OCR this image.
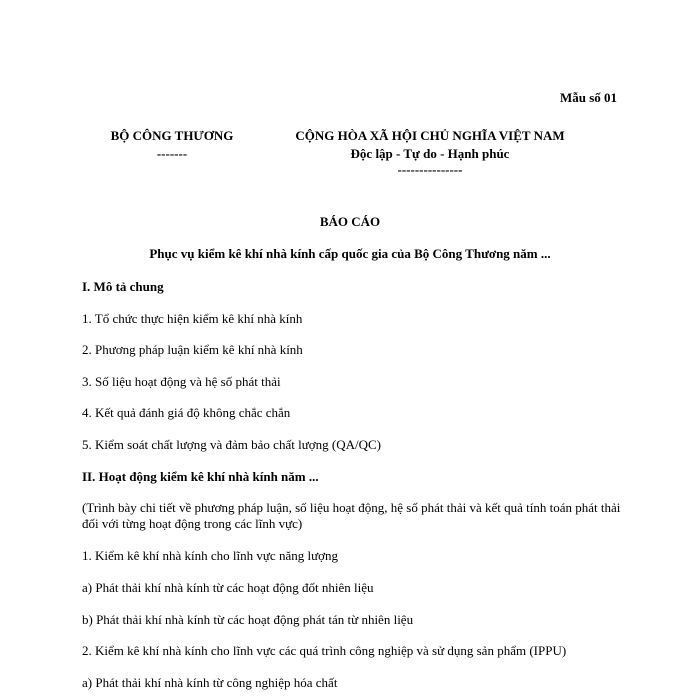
Mẫu số 01
BỘ CÔNG THƯƠNG
-------
CỘNG HÒA XÃ HỘI CHỦ NGHĨA VIỆT NAM
Độc lập - Tự do - Hạnh phúc
---------------
BÁO CÁO
Phục vụ kiểm kê khí nhà kính cấp quốc gia của Bộ Công Thương năm ...
I. Mô tả chung
1. Tổ chức thực hiện kiểm kê khí nhà kính
2. Phương pháp luận kiểm kê khí nhà kính
3. Số liệu hoạt động và hệ số phát thải
4. Kết quả đánh giá độ không chắc chắn
5. Kiểm soát chất lượng và đảm bảo chất lượng (QA/QC)
II. Hoạt động kiểm kê khí nhà kính năm ...
(Trình bày chi tiết về phương pháp luận, số liệu hoạt động, hệ số phát thải và kết quả tính toán phát thải đối với từng hoạt động trong các lĩnh vực)
1. Kiểm kê khí nhà kính cho lĩnh vực năng lượng
a) Phát thải khí nhà kính từ các hoạt động đốt nhiên liệu
b) Phát thải khí nhà kính từ các hoạt động phát tán từ nhiên liệu
2. Kiểm kê khí nhà kính cho lĩnh vực các quá trình công nghiệp và sử dụng sản phẩm (IPPU)
a) Phát thải khí nhà kính từ công nghiệp hóa chất
